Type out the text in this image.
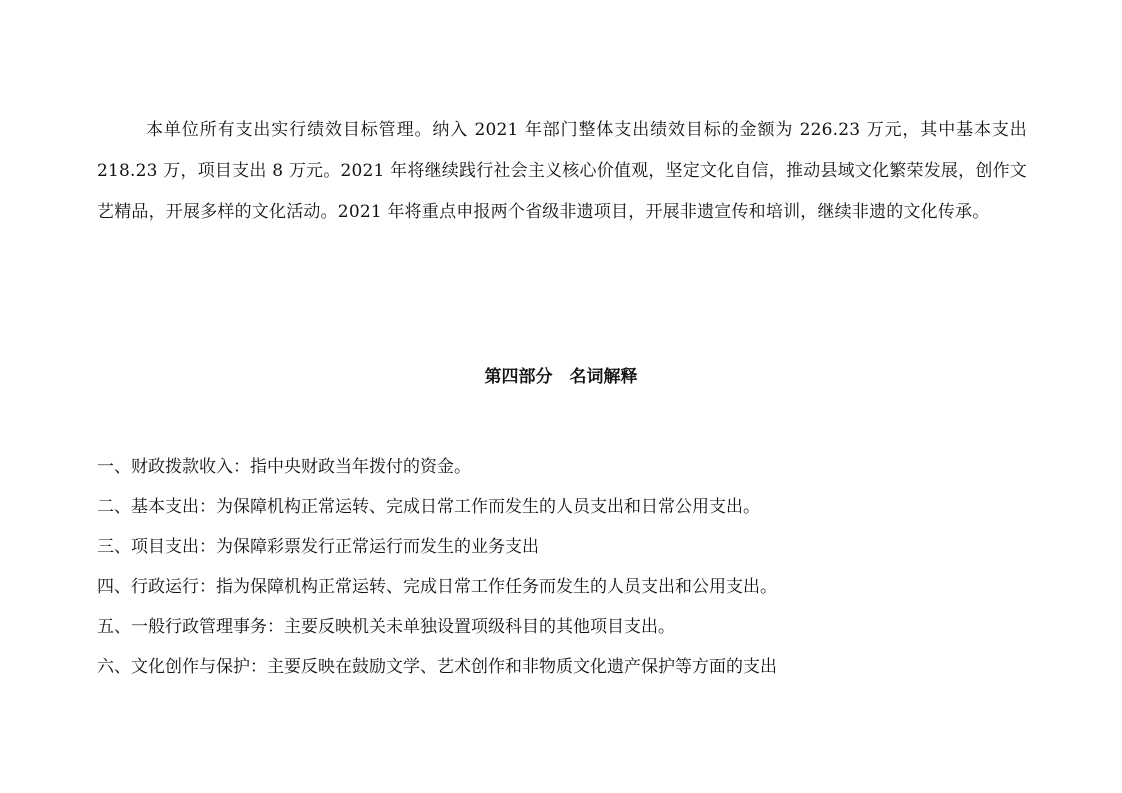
本单位所有支出实行绩效目标管理。纳入 2021 年部门整体支出绩效目标的金额为 226.23 万元，其中基本支出 218.23 万，项目支出 8 万元。2021 年将继续践行社会主义核心价值观，坚定文化自信，推动县域文化繁荣发展，创作文艺精品，开展多样的文化活动。2021 年将重点申报两个省级非遗项目，开展非遗宣传和培训，继续非遗的文化传承。

第四部分　名词解释
一、财政拨款收入：指中央财政当年拨付的资金。
二、基本支出：为保障机构正常运转、完成日常工作而发生的人员支出和日常公用支出。
三、项目支出：为保障彩票发行正常运行而发生的业务支出
四、行政运行：指为保障机构正常运转、完成日常工作任务而发生的人员支出和公用支出。
五、一般行政管理事务：主要反映机关未单独设置项级科目的其他项目支出。
六、文化创作与保护：主要反映在鼓励文学、艺术创作和非物质文化遗产保护等方面的支出
